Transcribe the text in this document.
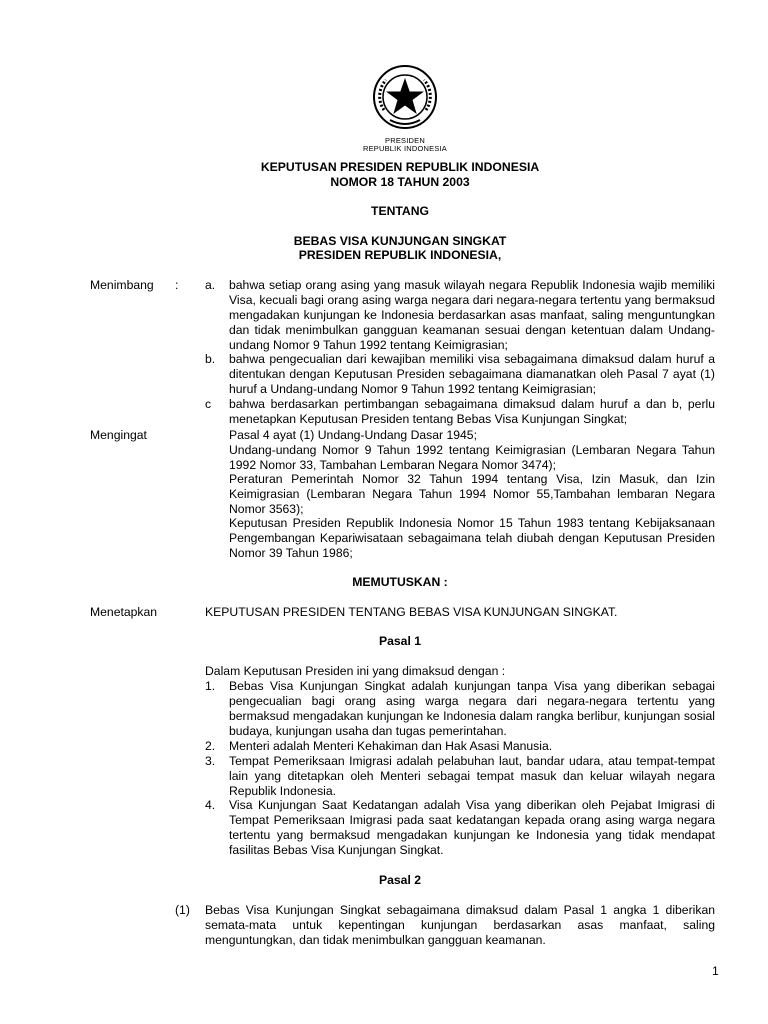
PRESIDEN
REPUBLIK INDONESIA
KEPUTUSAN PRESIDEN REPUBLIK INDONESIA
NOMOR 18 TAHUN 2003
TENTANG
BEBAS VISA KUNJUNGAN SINGKAT
PRESIDEN REPUBLIK INDONESIA,
Menimbang : a.	bahwa setiap orang asing yang masuk wilayah negara Republik Indonesia wajib memiliki Visa, kecuali bagi orang asing warga negara dari negara-negara tertentu yang bermaksud mengadakan kunjungan ke Indonesia berdasarkan asas manfaat, saling menguntungkan dan tidak menimbulkan gangguan keamanan sesuai dengan ketentuan dalam Undang-undang Nomor 9 Tahun 1992 tentang Keimigrasian;
b.	bahwa pengecualian dari kewajiban memiliki visa sebagaimana dimaksud dalam huruf a ditentukan dengan Keputusan Presiden sebagaimana diamanatkan oleh Pasal 7 ayat (1) huruf a Undang-undang Nomor 9 Tahun 1992 tentang Keimigrasian;
c	bahwa berdasarkan pertimbangan sebagaimana dimaksud dalam huruf a dan b, perlu menetapkan Keputusan Presiden tentang Bebas Visa Kunjungan Singkat;
Mengingat	Pasal 4 ayat (1) Undang-Undang Dasar 1945;
Undang-undang Nomor 9 Tahun 1992 tentang Keimigrasian (Lembaran Negara Tahun 1992 Nomor 33, Tambahan Lembaran Negara Nomor 3474);
Peraturan Pemerintah Nomor 32 Tahun 1994 tentang Visa, Izin Masuk, dan Izin Keimigrasian (Lembaran Negara Tahun 1994 Nomor 55,Tambahan lembaran Negara Nomor 3563);
Keputusan Presiden Republik Indonesia Nomor 15 Tahun 1983 tentang Kebijaksanaan Pengembangan Kepariwisataan sebagaimana telah diubah dengan Keputusan Presiden Nomor 39 Tahun 1986;
MEMUTUSKAN :
Menetapkan	KEPUTUSAN PRESIDEN TENTANG BEBAS VISA KUNJUNGAN SINGKAT.
Pasal 1
Dalam Keputusan Presiden ini yang dimaksud dengan :
1.	Bebas Visa Kunjungan Singkat adalah kunjungan tanpa Visa yang diberikan sebagai pengecualian bagi orang asing warga negara dari negara-negara tertentu yang bermaksud mengadakan kunjungan ke Indonesia dalam rangka berlibur, kunjungan sosial budaya, kunjungan usaha dan tugas pemerintahan.
2.	Menteri adalah Menteri Kehakiman dan Hak Asasi Manusia.
3.	Tempat Pemeriksaan Imigrasi adalah pelabuhan laut, bandar udara, atau tempat-tempat lain yang ditetapkan oleh Menteri sebagai tempat masuk dan keluar wilayah negara Republik Indonesia.
4.	Visa Kunjungan Saat Kedatangan adalah Visa yang diberikan oleh Pejabat Imigrasi di Tempat Pemeriksaan Imigrasi pada saat kedatangan kepada orang asing warga negara tertentu yang bermaksud mengadakan kunjungan ke Indonesia yang tidak mendapat fasilitas Bebas Visa Kunjungan Singkat.
Pasal 2
(1) Bebas Visa Kunjungan Singkat sebagaimana dimaksud dalam Pasal 1 angka 1 diberikan semata-mata untuk kepentingan kunjungan berdasarkan asas manfaat, saling menguntungkan, dan tidak menimbulkan gangguan keamanan.
1
